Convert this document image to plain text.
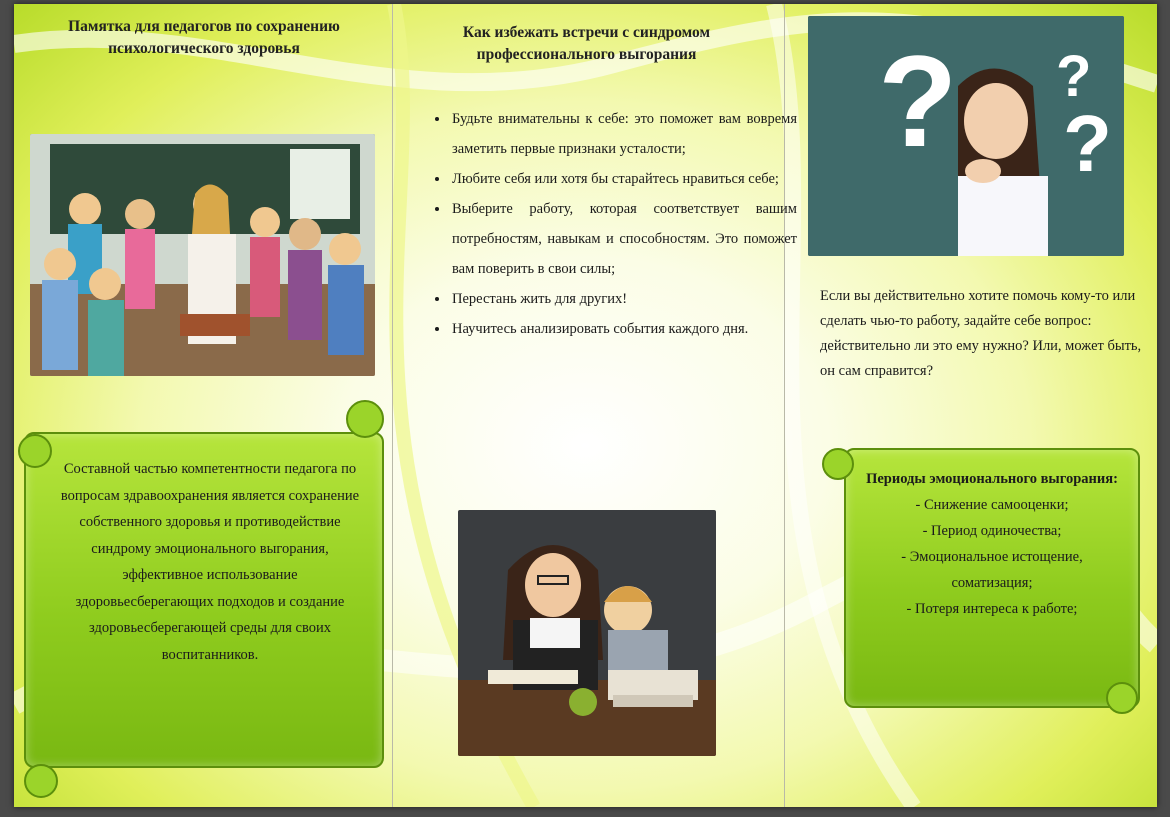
Памятка для педагогов по сохранению психологического здоровья
Составной частью компетентности педагога по вопросам здравоохранения является сохранение собственного здоровья и противодействие синдрому эмоционального выгорания, эффективное использование здоровьесберегающих подходов и создание здоровьесберегающей среды для своих воспитанников.
Как избежать встречи с синдромом профессионального выгорания
• Будьте внимательны к себе: это поможет вам вовремя заметить первые признаки усталости;
• Любите себя или хотя бы старайтесь нравиться себе;
• Выберите работу, которая соответствует вашим потребностям, навыкам и способностям. Это поможет вам поверить в свои силы;
• Перестань жить для других!
• Научитесь анализировать события каждого дня.
? ?
?
Если вы действительно хотите помочь кому-то или сделать чью-то работу, задайте себе вопрос: действительно ли это ему нужно? Или, может быть, он сам справится?
Периоды эмоционального выгорания:
- Снижение самооценки;
- Период одиночества;
- Эмоциональное истощение, соматизация;
- Потеря интереса к работе;
